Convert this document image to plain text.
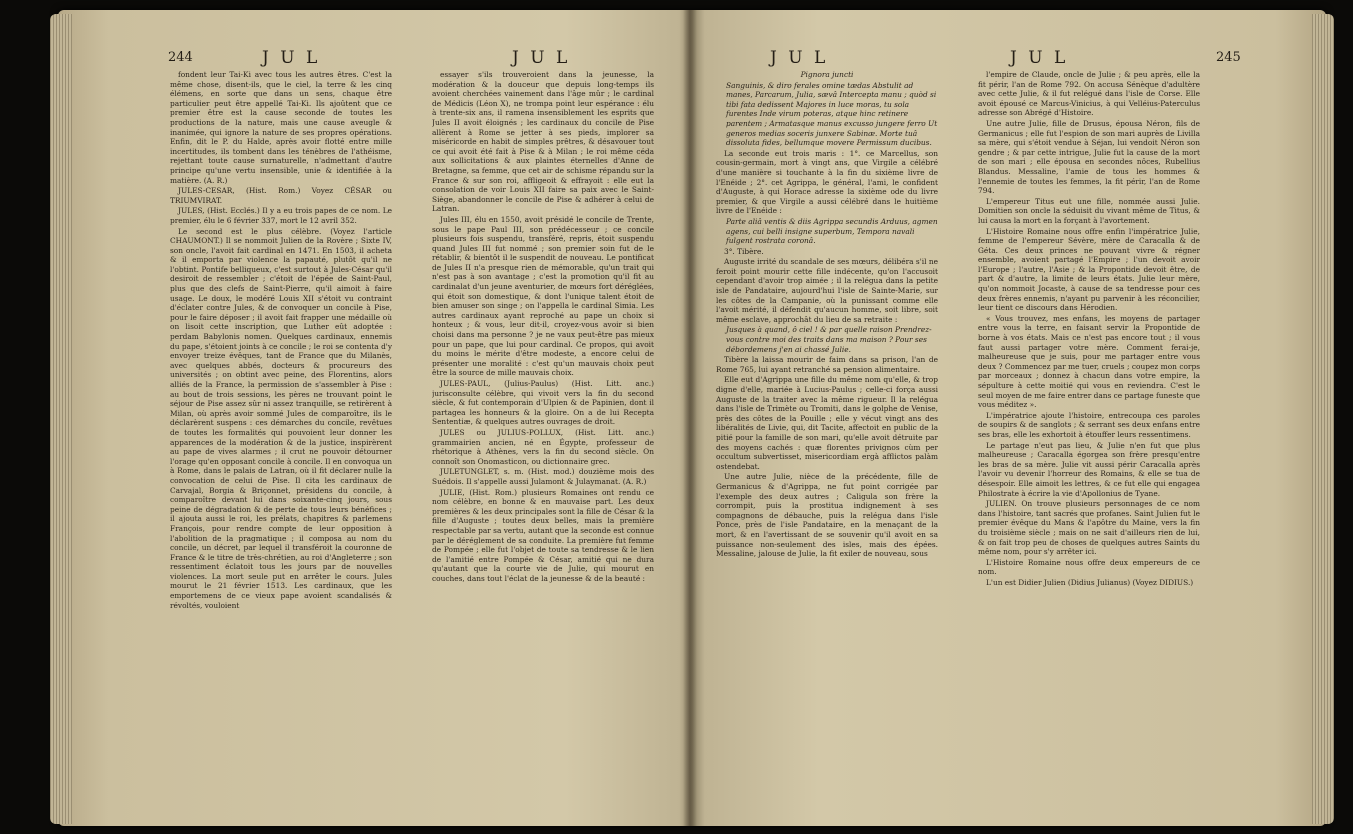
244	J U L	J U L	J U L	J U L	245

fondent leur Tai-Ki avec tous les autres êtres. C'est la même chose, disent-ils, que le ciel, la terre & les cinq élémens, en sorte que dans un sens, chaque être particulier peut être appellé Tai-Ki. Ils ajoûtent que ce premier être est la cause seconde de toutes les productions de la nature, mais une cause aveugle & inanimée, qui ignore la nature de ses propres opérations. Enfin, dit le P. du Halde, après avoir flotté entre mille incertitudes, ils tombent dans les ténèbres de l'athéisme, rejettant toute cause surnaturelle, n'admettant d'autre principe qu'une vertu insensible, unie & identifiée à la matière. (A. R.)

JULES-CESAR, (Hist. Rom.) Voyez CÉSAR ou TRIUMVIRAT.

JULES, (Hist. Ecclés.) Il y a eu trois papes de ce nom. Le premier, élu le 6 février 337, mort le 12 avril 352.

Le second est le plus célèbre. (Voyez l'article CHAUMONT.) Il se nommoit Julien de la Rovère ; Sixte IV, son oncle, l'avoit fait cardinal en 1471. En 1503, il acheta & il emporta par violence la papauté, plutôt qu'il ne l'obtint. Pontife belliqueux, c'est surtout à Jules-César qu'il desiroit de ressembler ; c'étoit de l'épée de Saint-Paul, plus que des clefs de Saint-Pierre, qu'il aimoit à faire usage. Le doux, le modéré Louis XII s'étoit vu contraint d'éclater contre Jules, & de convoquer un concile à Pise, pour le faire déposer ; il avoit fait frapper une médaille où on lisoit cette inscription, que Luther eût adoptée : perdam Babylonis nomen. Quelques cardinaux, ennemis du pape, s'étoient joints à ce concile ; le roi se contenta d'y envoyer treize évêques, tant de France que du Milanès, avec quelques abbés, docteurs & procureurs des universités ; on obtint avec peine, des Florentins, alors alliés de la France, la permission de s'assembler à Pise : au bout de trois sessions, les pères ne trouvant point le séjour de Pise assez sûr ni assez tranquille, se retirèrent à Milan, où après avoir sommé Jules de comparoître, ils le déclarèrent suspens : ces démarches du concile, revêtues de toutes les formalités qui pouvoient leur donner les apparences de la modération & de la justice, inspirèrent au pape de vives alarmes ; il crut ne pouvoir détourner l'orage qu'en opposant concile à concile. Il en convoqua un à Rome, dans le palais de Latran, où il fit déclarer nulle la convocation de celui de Pise. Il cita les cardinaux de Carvajal, Borgia & Briçonnet, présidens du concile, à comparoître devant lui dans soixante-cinq jours, sous peine de dégradation & de perte de tous leurs bénéfices ; il ajouta aussi le roi, les prélats, chapitres & parlemens François, pour rendre compte de leur opposition à l'abolition de la pragmatique ; il composa au nom du concile, un décret, par lequel il transféroit la couronne de France & le titre de très-chrétien, au roi d'Angleterre ; son ressentiment éclatoit tous les jours par de nouvelles violences. La mort seule put en arrêter le cours. Jules mourut le 21 février 1513. Les cardinaux, que les emportemens de ce vieux pape avoient scandalisés & révoltés, vouloient

essayer s'ils trouveroient dans la jeunesse, la modération & la douceur que depuis long-temps ils avoient cherchées vainement dans l'âge mûr ; le cardinal de Médicis (Léon X), ne trompa point leur espérance : élu à trente-six ans, il ramena insensiblement les esprits que Jules II avoit éloignés ; les cardinaux du concile de Pise allèrent à Rome se jetter à ses pieds, implorer sa miséricorde en habit de simples prêtres, & désavouer tout ce qui avoit été fait à Pise & à Milan ; le roi même céda aux sollicitations & aux plaintes éternelles d'Anne de Bretagne, sa femme, que cet air de schisme répandu sur la France & sur son roi, affligeoit & effrayoit : elle eut la consolation de voir Louis XII faire sa paix avec le Saint-Siège, abandonner le concile de Pise & adhérer à celui de Latran.

Jules III, élu en 1550, avoit présidé le concile de Trente, sous le pape Paul III, son prédécesseur ; ce concile plusieurs fois suspendu, transféré, repris, étoit suspendu quand Jules III fut nommé ; son premier soin fut de le rétablir, & bientôt il le suspendit de nouveau. Le pontificat de Jules II n'a presque rien de mémorable, qu'un trait qui n'est pas à son avantage ; c'est la promotion qu'il fit au cardinalat d'un jeune aventurier, de mœurs fort déréglées, qui étoit son domestique, & dont l'unique talent étoit de bien amuser son singe ; on l'appella le cardinal Simia. Les autres cardinaux ayant reproché au pape un choix si honteux ; & vous, leur dit-il, croyez-vous avoir si bien choisi dans ma personne ? je ne vaux peut-être pas mieux pour un pape, que lui pour cardinal. Ce propos, qui avoit du moins le mérite d'être modeste, a encore celui de présenter une moralité : c'est qu'un mauvais choix peut être la source de mille mauvais choix.

JULES-PAUL, (Julius-Paulus) (Hist. Litt. anc.) jurisconsulte célèbre, qui vivoit vers la fin du second siècle, & fut contemporain d'Ulpien & de Papinien, dont il partagea les honneurs & la gloire. On a de lui Recepta Sententiæ, & quelques autres ouvrages de droit.

JULES ou JULIUS-POLLUX, (Hist. Litt. anc.) grammairien ancien, né en Égypte, professeur de rhétorique à Athènes, vers la fin du second siècle. On connoît son Onomasticon, ou dictionnaire grec.

JULETUNGLET, s. m. (Hist. mod.) douzième mois des Suédois. Il s'appelle aussi Julamont & Julaymanat. (A. R.)

JULIE, (Hist. Rom.) plusieurs Romaines ont rendu ce nom célèbre, en bonne & en mauvaise part. Les deux premières & les deux principales sont la fille de César & la fille d'Auguste ; toutes deux belles, mais la première respectable par sa vertu, autant que la seconde est connue par le déréglement de sa conduite. La première fut femme de Pompée ; elle fut l'objet de toute sa tendresse & le lien de l'amitié entre Pompée & César, amitié qui ne dura qu'autant que la courte vie de Julie, qui mourut en couches, dans tout l'éclat de la jeunesse & de la beauté :

Pignora juncti

Sanguinis, & diro ferales omine tædas Abstulit ad manes, Parcarum, Julia, sævâ Intercepta manu ; quòd si tibi fata dedissent Majores in luce moras, tu sola furentes Inde virum poteras, atque hinc retinere parentem ; Armatasque manus excusso jungere ferro Ut generos medias soceris junxere Sabinæ. Morte tuâ dissoluta fides, bellumque movere Permissum ducibus.

La seconde eut trois maris : 1°. ce Marcellus, son cousin-germain, mort à vingt ans, que Virgile a célébré d'une manière si touchante à la fin du sixième livre de l'Enéide ; 2°. cet Agrippa, le général, l'ami, le confident d'Auguste, à qui Horace adresse la sixième ode du livre premier, & que Virgile a aussi célébré dans le huitième livre de l'Enéide :

Parte aliâ ventis & diis Agrippa secundis Arduus, agmen agens, cui belli insigne superbum, Tempora navali fulgent rostrata coronâ.

3°. Tibère.

Auguste irrité du scandale de ses mœurs, délibéra s'il ne feroit point mourir cette fille indécente, qu'on l'accusoit cependant d'avoir trop aimée ; il la relégua dans la petite isle de Pandataire, aujourd'hui l'isle de Sainte-Marie, sur les côtes de la Campanie, où la punissant comme elle l'avoit mérité, il défendit qu'aucun homme, soit libre, soit même esclave, approchât du lieu de sa retraite :

Jusques à quand, ô ciel ! & par quelle raison Prendrez-vous contre moi des traits dans ma maison ? Pour ses débordemens j'en ai chassé Julie.

Tibère la laissa mourir de faim dans sa prison, l'an de Rome 765, lui ayant retranché sa pension alimentaire.

Elle eut d'Agrippa une fille du même nom qu'elle, & trop digne d'elle, mariée à Lucius-Paulus ; celle-ci força aussi Auguste de la traiter avec la même rigueur. Il la relégua dans l'isle de Trimète ou Tromiti, dans le golphe de Venise, près des côtes de la Pouille ; elle y vécut vingt ans des libéralités de Livie, qui, dit Tacite, affectoit en public de la pitié pour la famille de son mari, qu'elle avoit détruite par des moyens cachés : quæ florentes privignos cùm per occultum subvertisset, misericordiam ergà afflictos palàm ostendebat.

Une autre Julie, nièce de la précédente, fille de Germanicus & d'Agrippa, ne fut point corrigée par l'exemple des deux autres ; Caligula son frère la corrompit, puis la prostitua indignement à ses compagnons de débauche, puis la relégua dans l'isle Ponce, près de l'isle Pandataire, en la menaçant de la mort, & en l'avertissant de se souvenir qu'il avoit en sa puissance non-seulement des isles, mais des épées. Messaline, jalouse de Julie, la fit exiler de nouveau, sous

l'empire de Claude, oncle de Julie ; & peu après, elle la fit périr, l'an de Rome 792. On accusa Sénèque d'adultère avec cette Julie, & il fut relégué dans l'isle de Corse. Elle avoit épousé ce Marcus-Vinicius, à qui Velléius-Paterculus adresse son Abrégé d'Histoire.

Une autre Julie, fille de Drusus, épousa Néron, fils de Germanicus ; elle fut l'espion de son mari auprès de Livilla sa mère, qui s'étoit vendue à Séjan, lui vendoit Néron son gendre ; & par cette intrigue, Julie fut la cause de la mort de son mari ; elle épousa en secondes nôces, Rubellius Blandus. Messaline, l'amie de tous les hommes & l'ennemie de toutes les femmes, la fit périr, l'an de Rome 794.

L'empereur Titus eut une fille, nommée aussi Julie. Domitien son oncle la séduisit du vivant même de Titus, & lui causa la mort en la forçant à l'avortement.

L'Histoire Romaine nous offre enfin l'impératrice Julie, femme de l'empereur Sévère, mère de Caracalla & de Géta. Ces deux princes ne pouvant vivre & régner ensemble, avoient partagé l'Empire ; l'un devoit avoir l'Europe ; l'autre, l'Asie ; & la Propontide devoit être, de part & d'autre, la limite de leurs états. Julie leur mère, qu'on nommoit Jocaste, à cause de sa tendresse pour ces deux frères ennemis, n'ayant pu parvenir à les réconcilier, leur tient ce discours dans Hérodien.

« Vous trouvez, mes enfans, les moyens de partager entre vous la terre, en faisant servir la Propontide de borne à vos états. Mais ce n'est pas encore tout ; il vous faut aussi partager votre mère. Comment ferai-je, malheureuse que je suis, pour me partager entre vous deux ? Commencez par me tuer, cruels ; coupez mon corps par morceaux ; donnez à chacun dans votre empire, la sépulture à cette moitié qui vous en reviendra. C'est le seul moyen de me faire entrer dans ce partage funeste que vous méditez ».

L'impératrice ajoute l'histoire, entrecoupa ces paroles de soupirs & de sanglots ; & serrant ses deux enfans entre ses bras, elle les exhortoit à étouffer leurs ressentimens.

Le partage n'eut pas lieu, & Julie n'en fut que plus malheureuse ; Caracalla égorgea son frère presqu'entre les bras de sa mère. Julie vit aussi périr Caracalla après l'avoir vu devenir l'horreur des Romains, & elle se tua de désespoir. Elle aimoit les lettres, & ce fut elle qui engagea Philostrate à écrire la vie d'Apollonius de Tyane.

JULIEN. On trouve plusieurs personnages de ce nom dans l'histoire, tant sacrés que profanes. Saint Julien fut le premier évêque du Mans & l'apôtre du Maine, vers la fin du troisième siècle ; mais on ne sait d'ailleurs rien de lui, & on fait trop peu de choses de quelques autres Saints du même nom, pour s'y arrêter ici.

L'Histoire Romaine nous offre deux empereurs de ce nom.

L'un est Didier Julien (Didius Julianus) (Voyez DIDIUS.)
